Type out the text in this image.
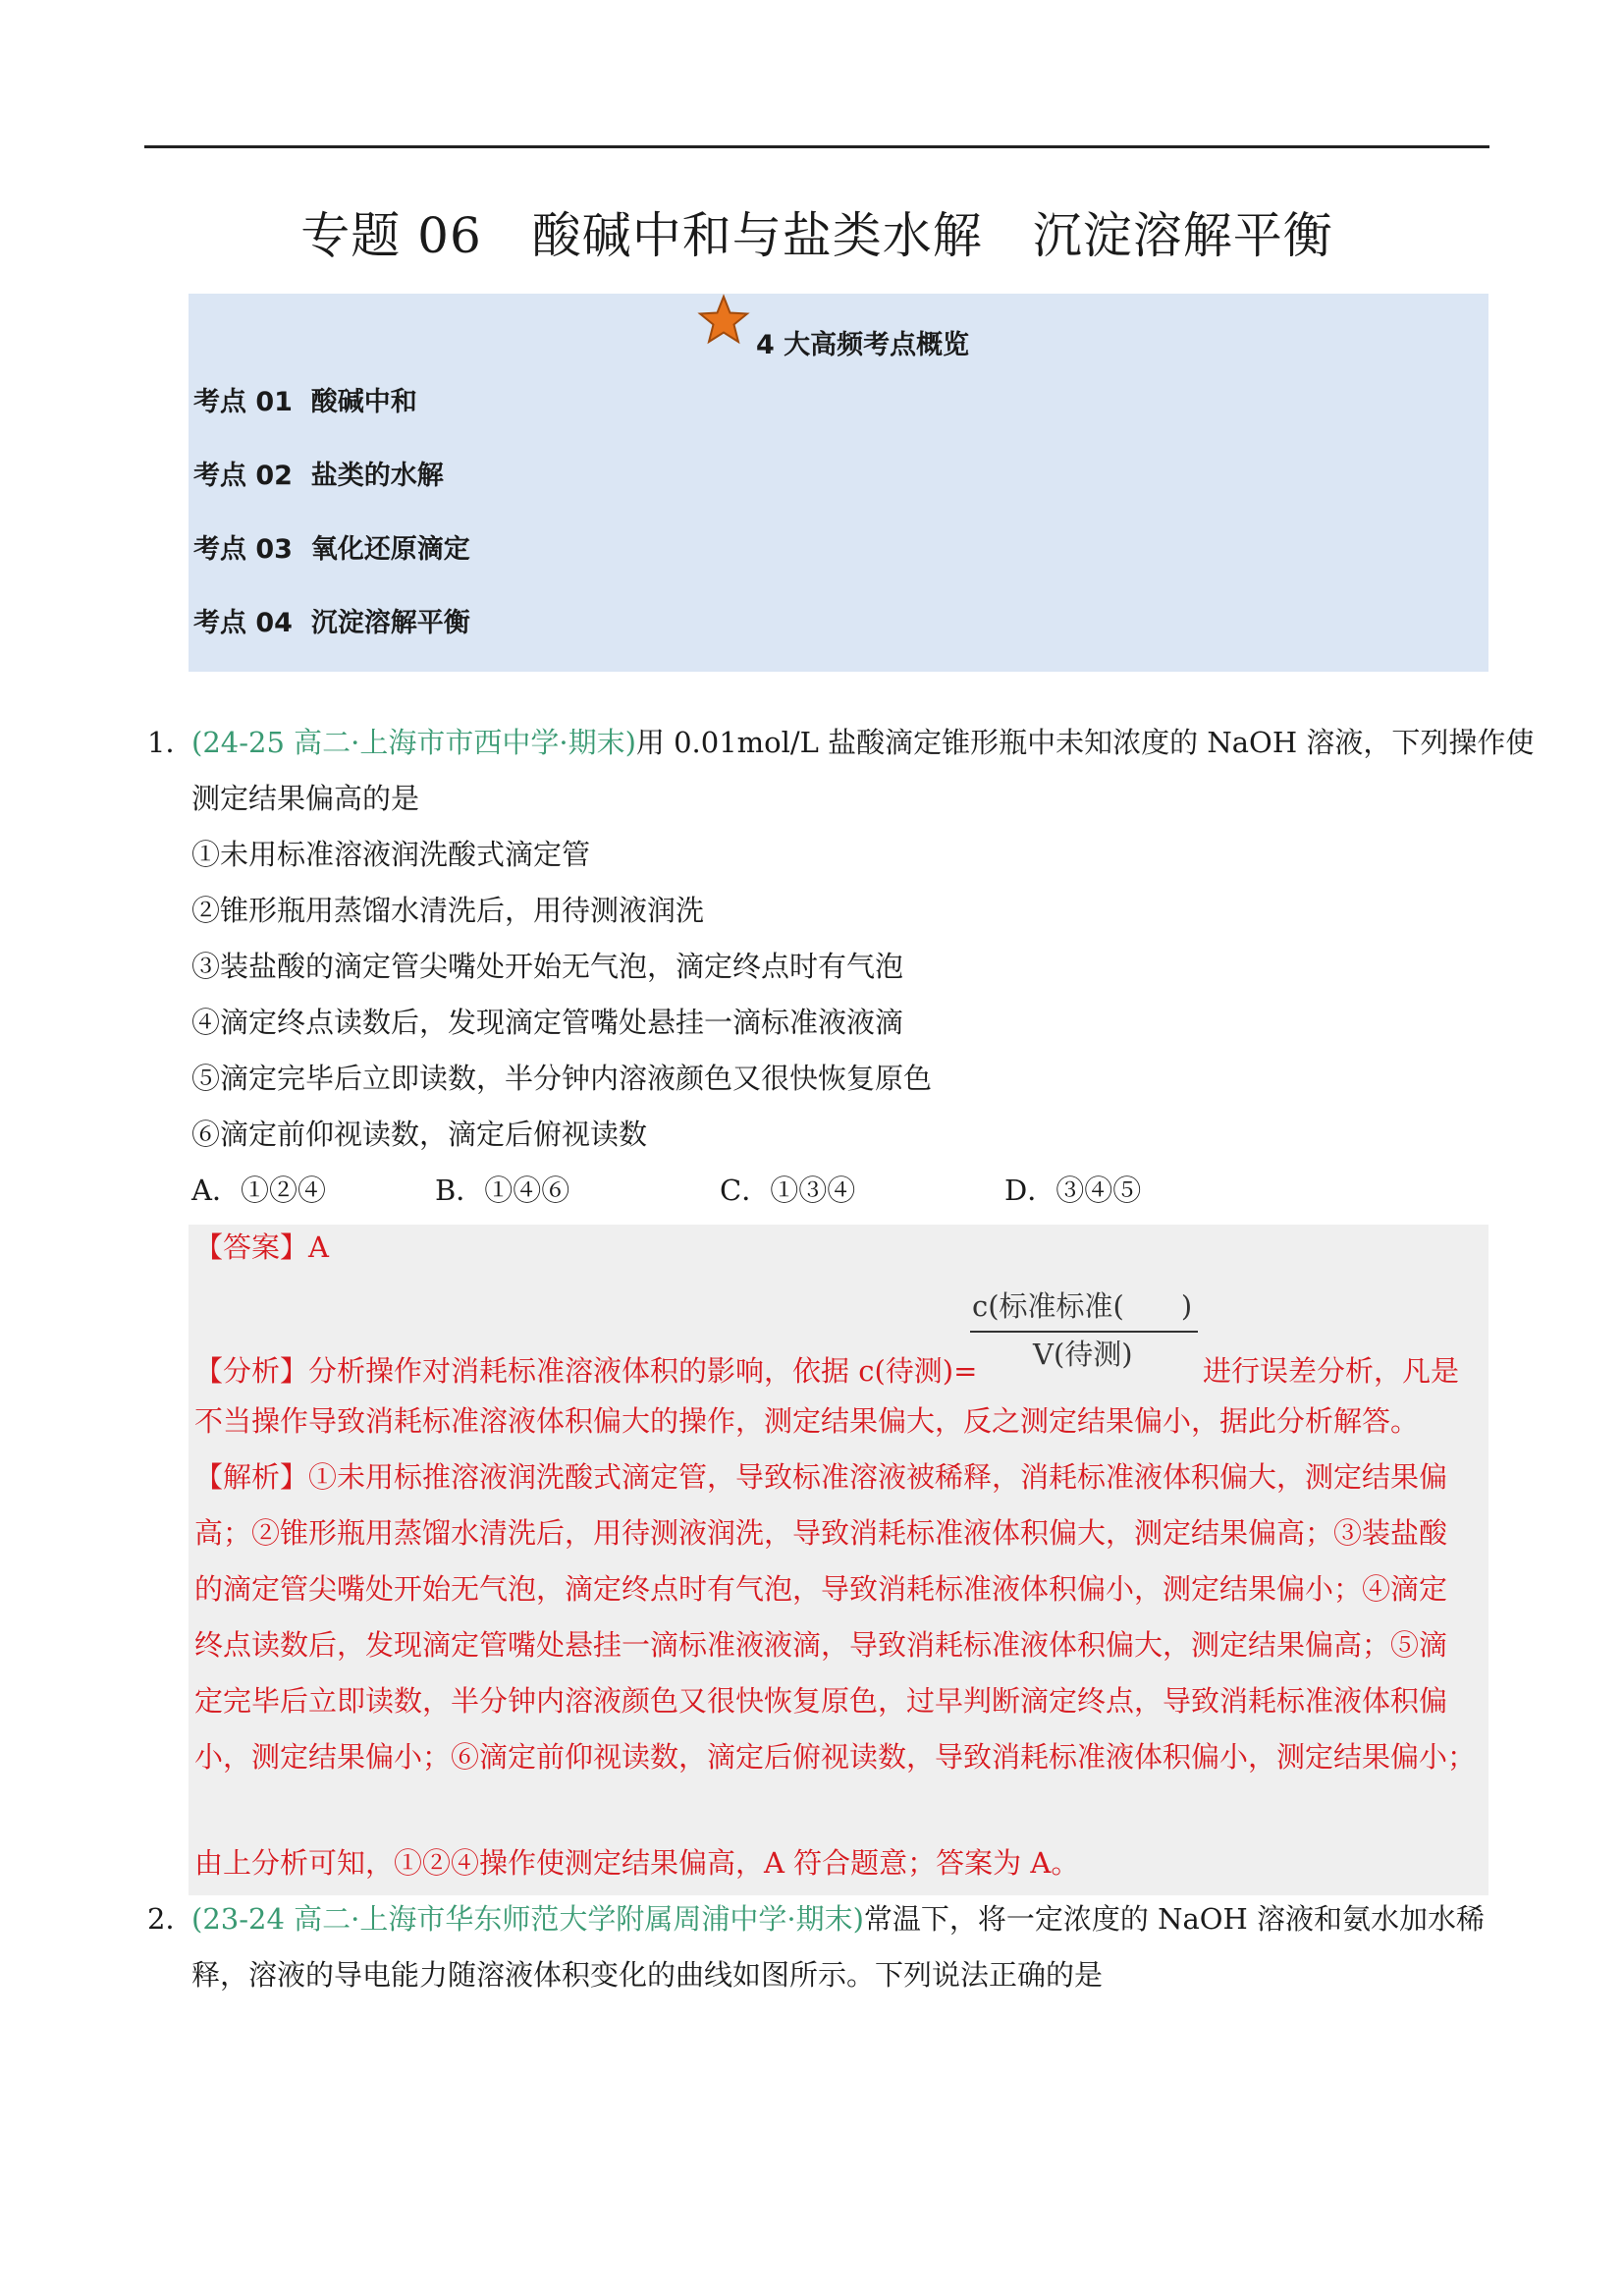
专题 06　酸碱中和与盐类水解　沉淀溶解平衡
4 大高频考点概览
考点 01  酸碱中和
考点 02  盐类的水解
考点 03  氧化还原滴定
考点 04  沉淀溶解平衡
1．
(24-25 高二·上海市市西中学·期末)用 0.01mol/L 盐酸滴定锥形瓶中未知浓度的 NaOH 溶液，下列操作使
测定结果偏高的是
①未用标准溶液润洗酸式滴定管
②锥形瓶用蒸馏水清洗后，用待测液润洗
③装盐酸的滴定管尖嘴处开始无气泡，滴定终点时有气泡
④滴定终点读数后，发现滴定管嘴处悬挂一滴标准液液滴
⑤滴定完毕后立即读数，半分钟内溶液颜色又很快恢复原色
⑥滴定前仰视读数，滴定后俯视读数
A．①②④	B．①④⑥	C．①③④	D．③④⑤
【答案】A
c(标准标准(　　)
V(待测)
【分析】分析操作对消耗标准溶液体积的影响，依据 c(待测)=	进行误差分析，凡是
不当操作导致消耗标准溶液体积偏大的操作，测定结果偏大，反之测定结果偏小，据此分析解答。
【解析】①未用标推溶液润洗酸式滴定管，导致标准溶液被稀释，消耗标准液体积偏大，测定结果偏
高；②锥形瓶用蒸馏水清洗后，用待测液润洗，导致消耗标准液体积偏大，测定结果偏高；③装盐酸
的滴定管尖嘴处开始无气泡，滴定终点时有气泡，导致消耗标准液体积偏小，测定结果偏小；④滴定
终点读数后，发现滴定管嘴处悬挂一滴标准液液滴，导致消耗标准液体积偏大，测定结果偏高；⑤滴
定完毕后立即读数，半分钟内溶液颜色又很快恢复原色，过早判断滴定终点，导致消耗标准液体积偏
小，测定结果偏小；⑥滴定前仰视读数，滴定后俯视读数，导致消耗标准液体积偏小，测定结果偏小；
由上分析可知，①②④操作使测定结果偏高，A 符合题意；答案为 A。
2．
(23-24 高二·上海市华东师范大学附属周浦中学·期末)常温下，将一定浓度的 NaOH 溶液和氨水加水稀
释，溶液的导电能力随溶液体积变化的曲线如图所示。下列说法正确的是
